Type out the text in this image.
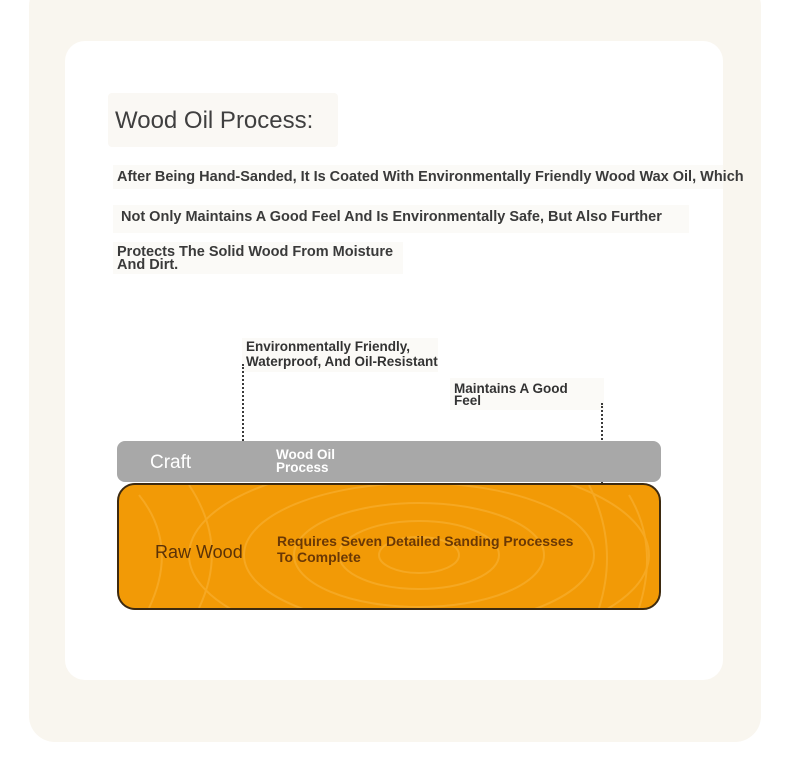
Wood Oil Process:
After Being Hand-Sanded, It Is Coated With Environmentally Friendly Wood Wax Oil, Which
Not Only Maintains A Good Feel And Is Environmentally Safe, But Also Further
Protects The Solid Wood From Moisture
And Dirt.
Environmentally Friendly,
Waterproof, And Oil-Resistant
Maintains A Good
Feel
Craft	Wood Oil
Process
Raw Wood
Requires Seven Detailed Sanding Processes
To Complete
